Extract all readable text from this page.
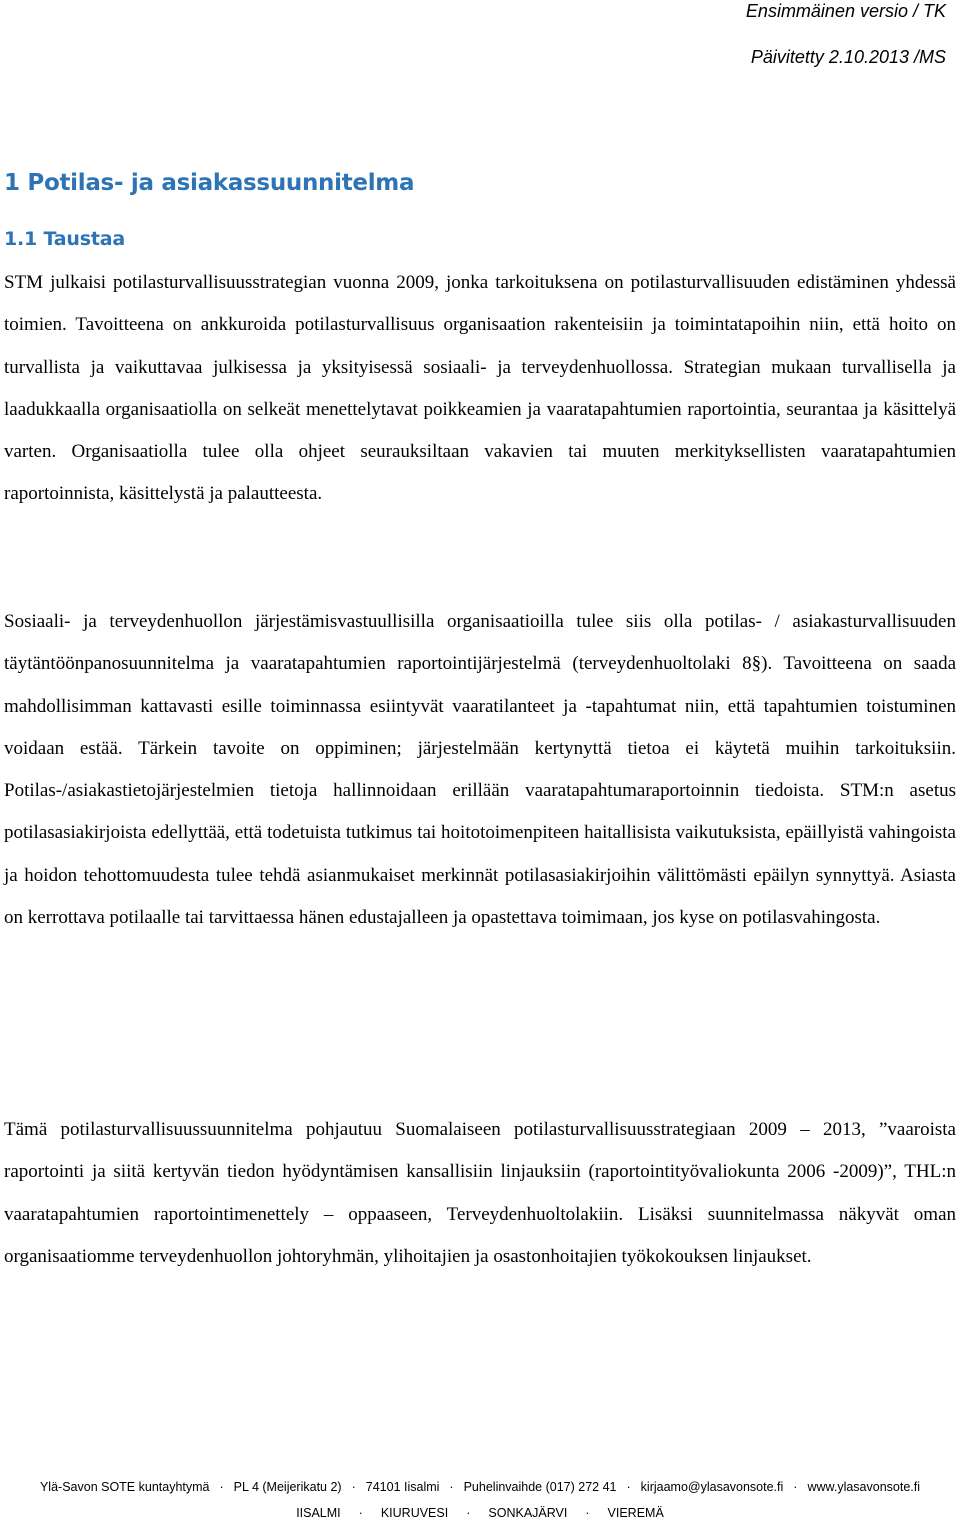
Ensimmäinen versio / TK
Päivitetty 2.10.2013 /MS
1 Potilas- ja asiakassuunnitelma
1.1 Taustaa

STM julkaisi potilasturvallisuusstrategian vuonna 2009, jonka tarkoituksena on potilasturvallisuuden edistäminen yhdessä toimien. Tavoitteena on ankkuroida potilasturvallisuus organisaation rakenteisiin ja toimintatapoihin niin, että hoito on turvallista ja vaikuttavaa julkisessa ja yksityisessä sosiaali- ja terveydenhuollossa. Strategian mukaan turvallisella ja laadukkaalla organisaatiolla on selkeät menettelytavat poikkeamien ja vaaratapahtumien raportointia, seurantaa ja käsittelyä varten. Organisaatiolla tulee olla ohjeet seurauksiltaan vakavien tai muuten merkityksellisten vaaratapahtumien raportoinnista, käsittelystä ja palautteesta.

Sosiaali- ja terveydenhuollon järjestämisvastuullisilla organisaatioilla tulee siis olla potilas- / asiakasturvallisuuden täytäntöönpanosuunnitelma ja vaaratapahtumien raportointijärjestelmä (terveydenhuoltolaki 8§). Tavoitteena on saada mahdollisimman kattavasti esille toiminnassa esiintyvät vaaratilanteet ja -tapahtumat niin, että tapahtumien toistuminen voidaan estää. Tärkein tavoite on oppiminen; järjestelmään kertynyttä tietoa ei käytetä muihin tarkoituksiin. Potilas-/asiakastietojärjestelmien tietoja hallinnoidaan erillään vaaratapahtumaraportoinnin tiedoista. STM:n asetus potilasasiakirjoista edellyttää, että todetuista tutkimus tai hoitotoimenpiteen haitallisista vaikutuksista, epäillyistä vahingoista ja hoidon tehottomuudesta tulee tehdä asianmukaiset merkinnät potilasasiakirjoihin välittömästi epäilyn synnyttyä. Asiasta on kerrottava potilaalle tai tarvittaessa hänen edustajalleen ja opastettava toimimaan, jos kyse on potilasvahingosta.

Tämä potilasturvallisuussuunnitelma pohjautuu Suomalaiseen potilasturvallisuusstrategiaan 2009 – 2013, ”vaaroista raportointi ja siitä kertyvän tiedon hyödyntämisen kansallisiin linjauksiin (raportointityövaliokunta 2006 -2009)”, THL:n vaaratapahtumien raportointimenettely – oppaaseen, Terveydenhuoltolakiin. Lisäksi suunnitelmassa näkyvät oman organisaatiomme terveydenhuollon johtoryhmän, ylihoitajien ja osastonhoitajien työkokouksen linjaukset.

Ylä-Savon SOTE kuntayhtymä · PL 4 (Meijerikatu 2) · 74101 Iisalmi · Puhelinvaihde (017) 272 41 · kirjaamo@ylasavonsote.fi · www.ylasavonsote.fi
IISALMI · KIURUVESI · SONKAJÄRVI · VIEREMÄ
